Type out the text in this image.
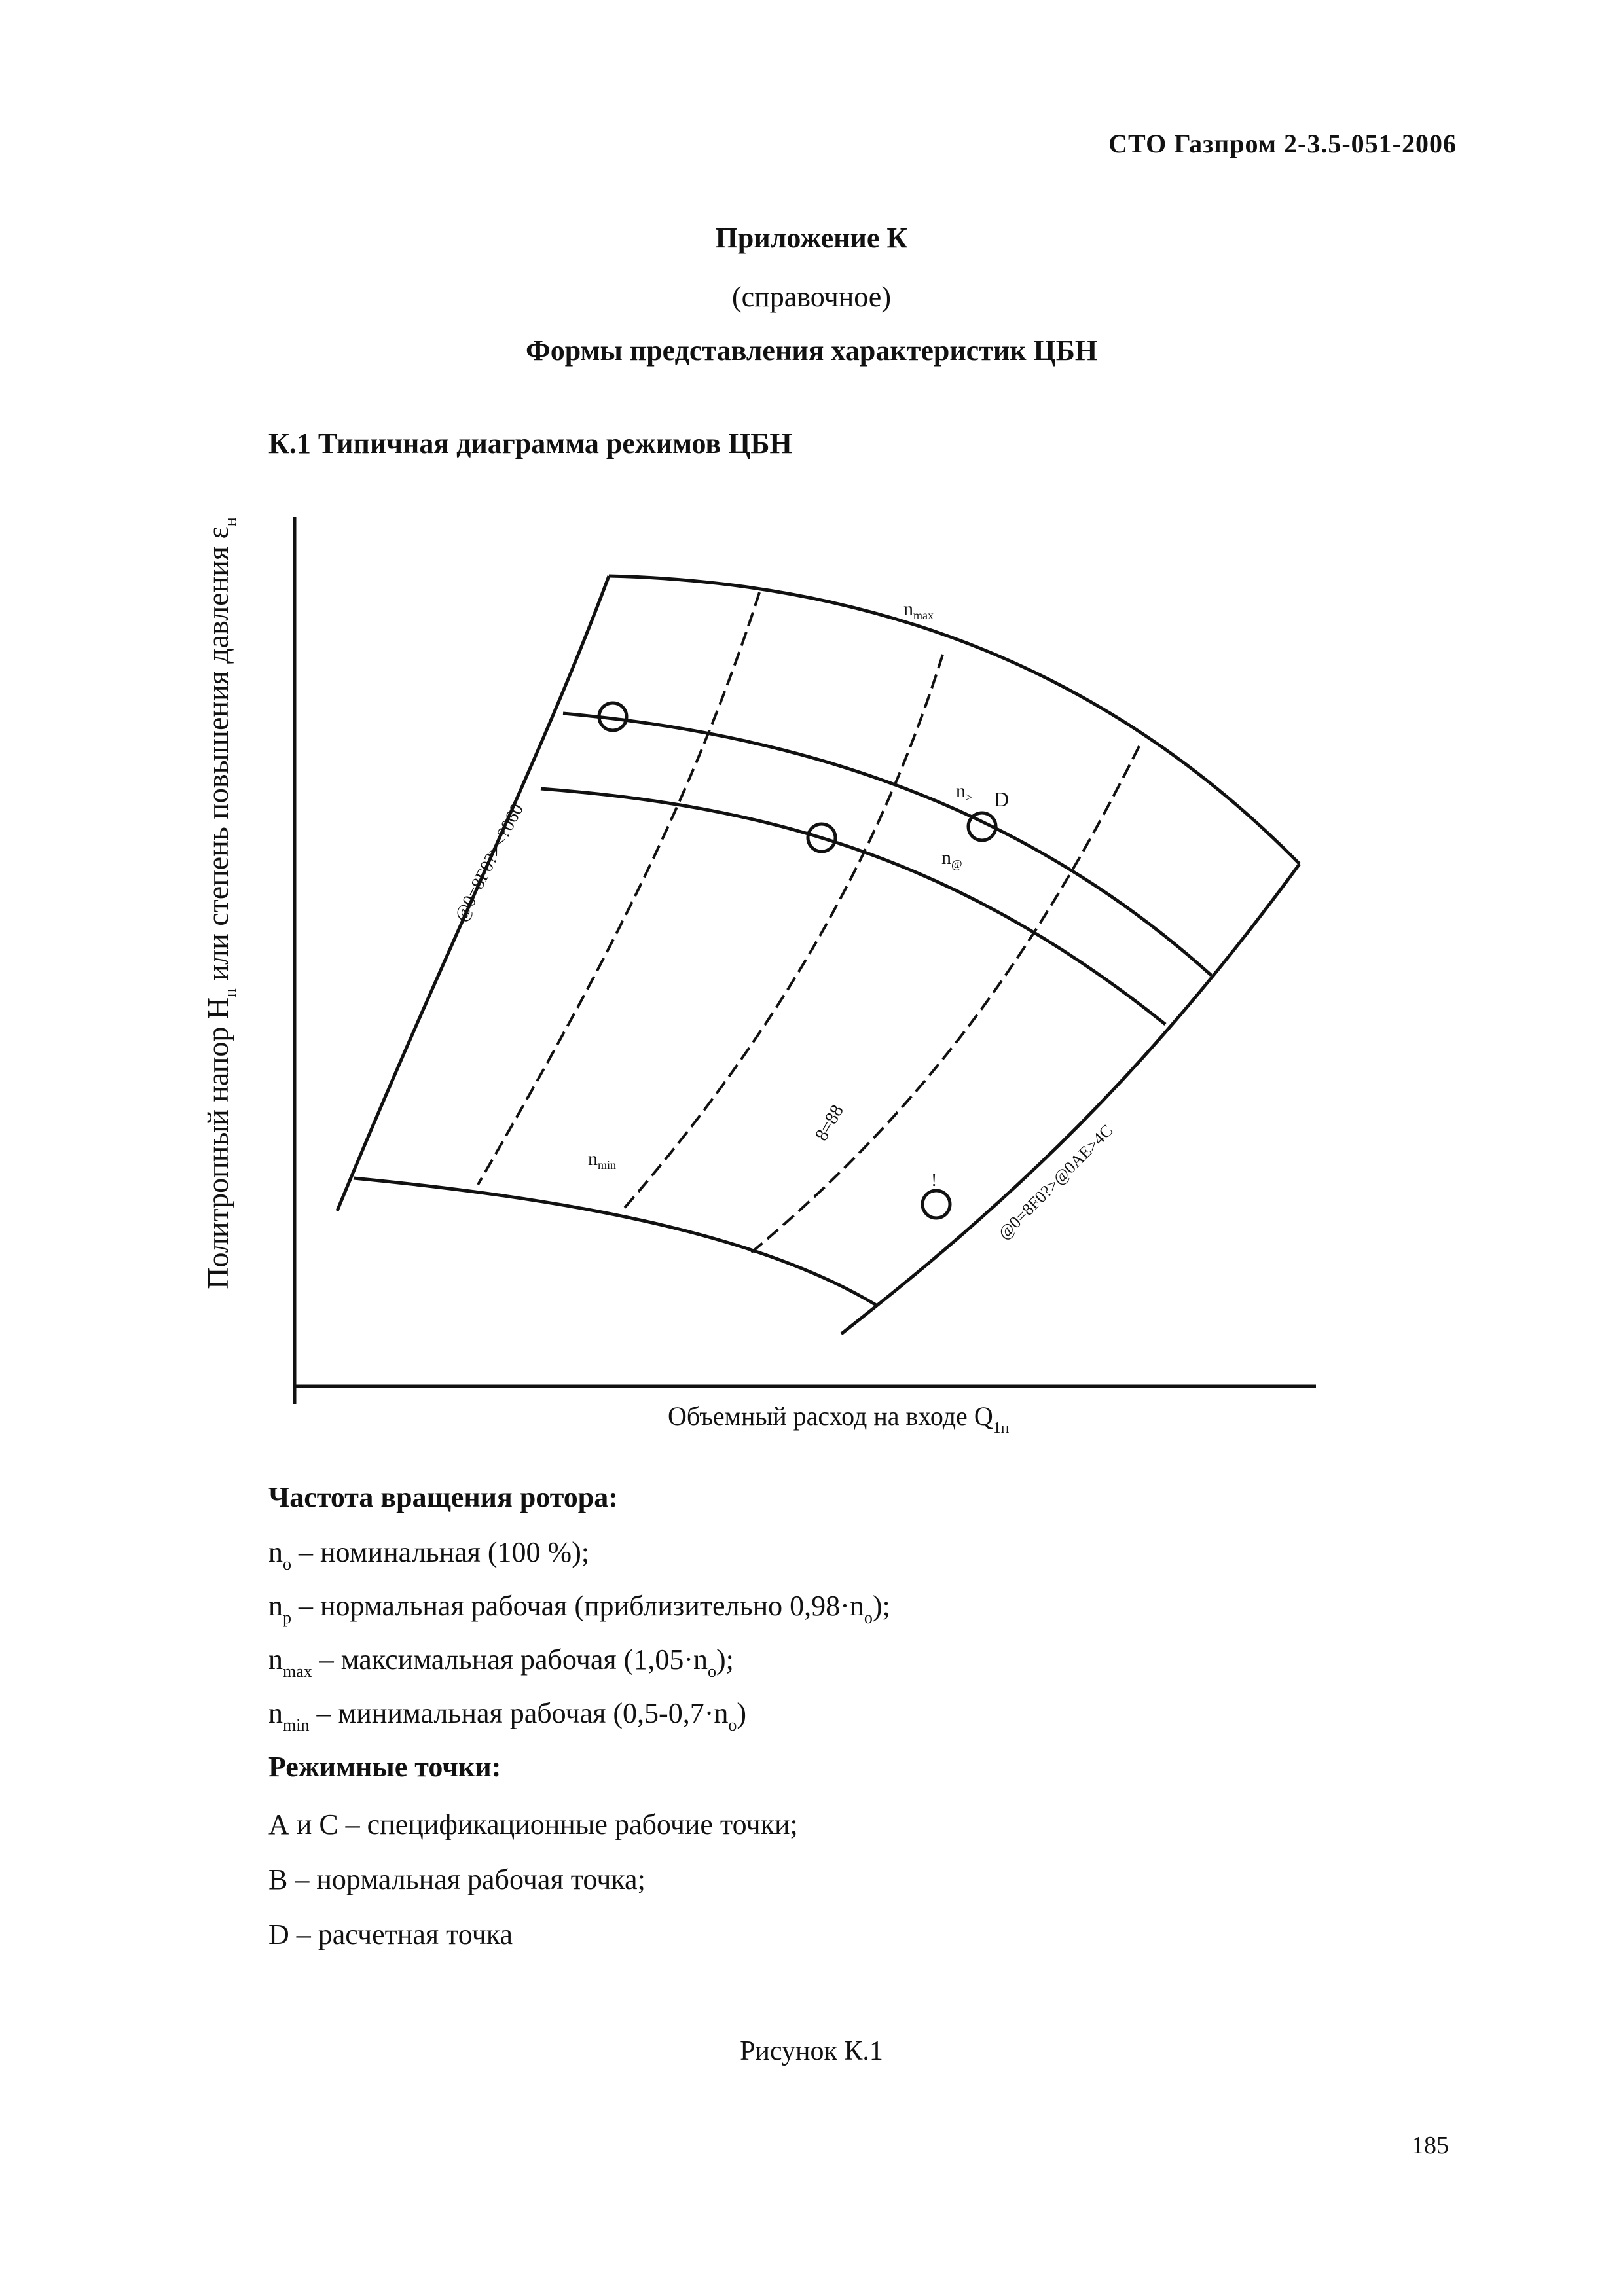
СТО Газпром 2-3.5-051-2006
Приложение К
(справочное)
Формы представления характеристик ЦБН
К.1 Типичная диаграмма режимов ЦБН
$n_{max}$
$n_>$ D
$n_@$
$n_{min}$
!
@0=8F0?><?060
@0=8F0?>@0AE>4C
8=88
Политропный напор $H_п$ или степень повышения давления $\varepsilon_н$
Объемный расход на входе $Q_{1н}$
Частота вращения ротора:
$n_o$ – номинальная (100 %);
$n_p$ – нормальная рабочая (приблизительно $0,98\cdot n_o$);
$n_{max}$ – максимальная рабочая $(1,05\cdot n_o)$;
$n_{min}$ – минимальная рабочая $(0,5-0,7\cdot n_o)$
Режимные точки:
А и С – спецификационные рабочие точки;
В – нормальная рабочая точка;
D – расчетная точка
Рисунок К.1
185
